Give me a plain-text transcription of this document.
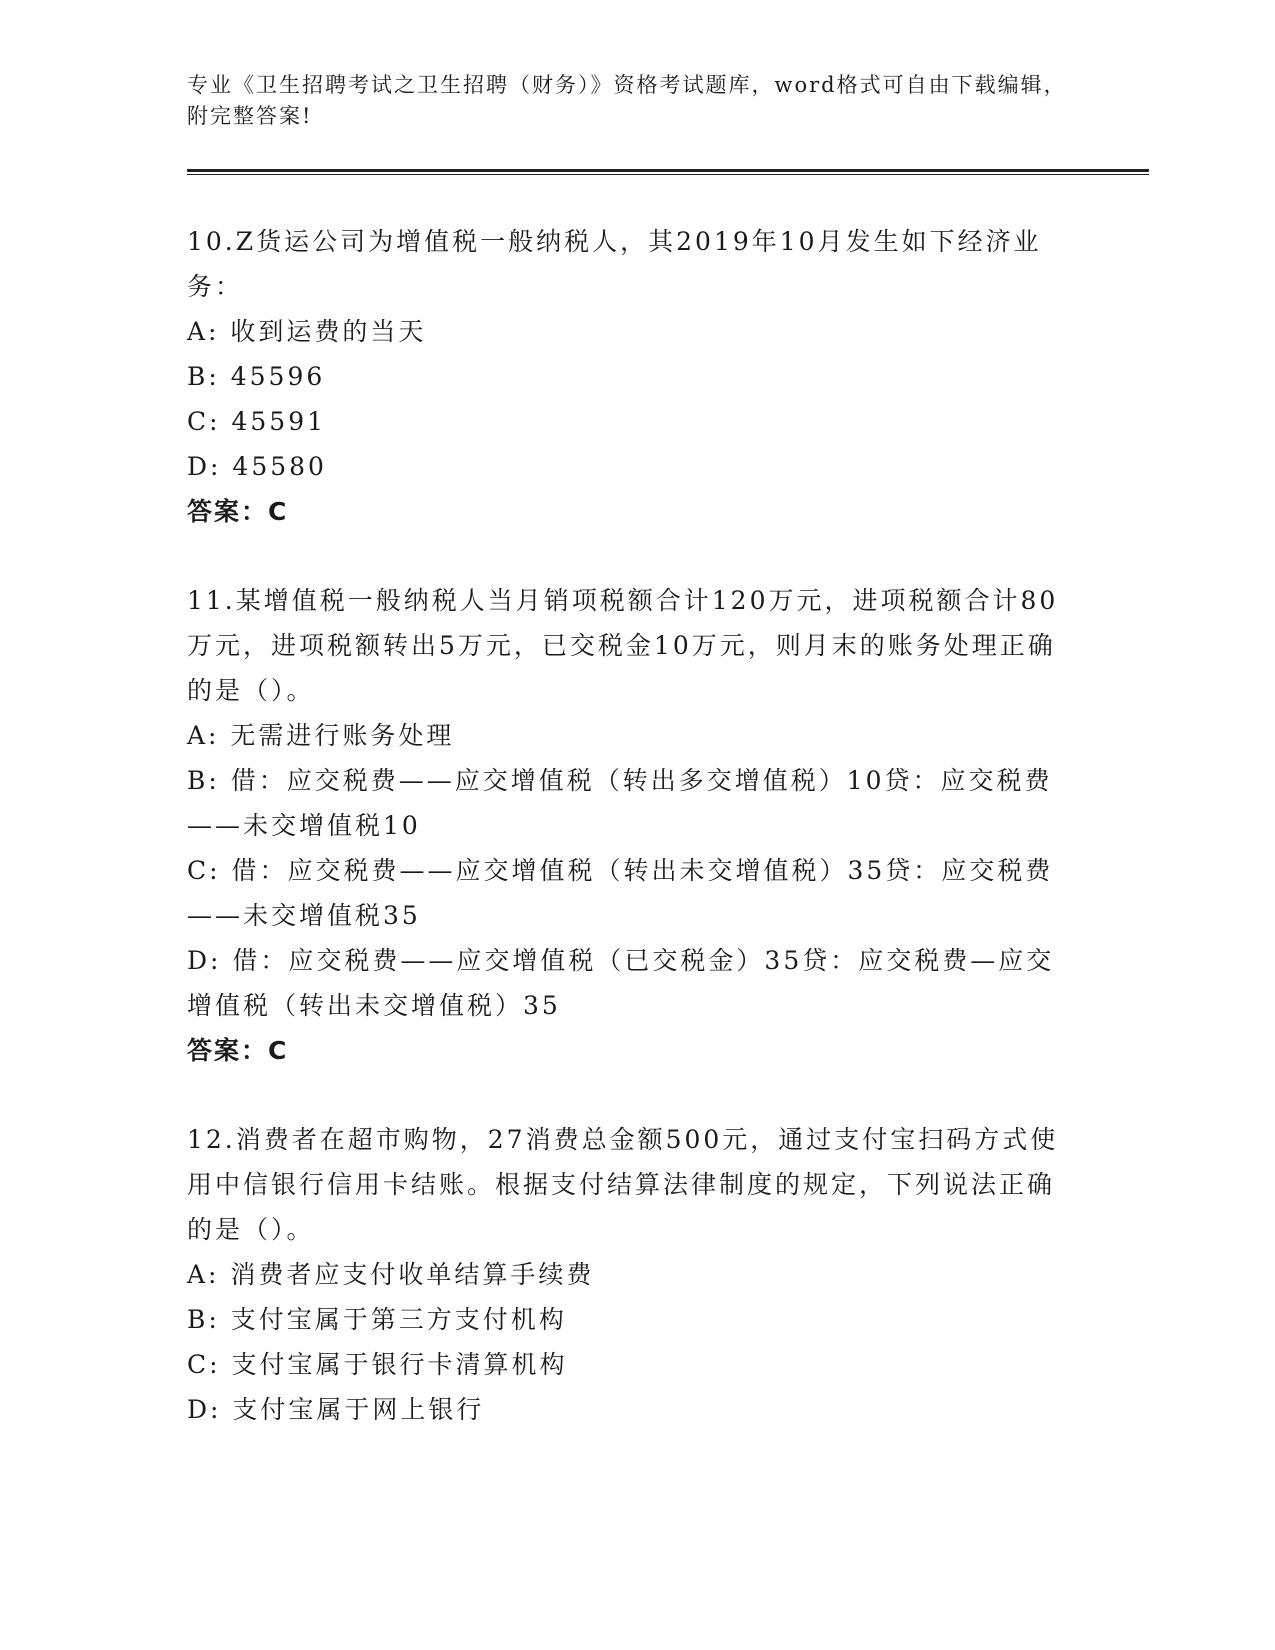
专业《卫生招聘考试之卫生招聘（财务）》资格考试题库，word格式可自由下载编辑，附完整答案!

10.Z货运公司为增值税一般纳税人，其2019年10月发生如下经济业务：

A: 收到运费的当天

B: 45596

C: 45591

D: 45580

答案：C

11.某增值税一般纳税人当月销项税额合计120万元，进项税额合计80万元，进项税额转出5万元，已交税金10万元，则月末的账务处理正确的是（）。

A: 无需进行账务处理

B: 借：应交税费——应交增值税（转出多交增值税）10贷：应交税费——未交增值税10

C: 借：应交税费——应交增值税（转出未交增值税）35贷：应交税费——未交增值税35

D: 借：应交税费——应交增值税（已交税金）35贷：应交税费—应交增值税（转出未交增值税）35

答案：C

12.消费者在超市购物，27消费总金额500元，通过支付宝扫码方式使用中信银行信用卡结账。根据支付结算法律制度的规定，下列说法正确的是（）。

A: 消费者应支付收单结算手续费

B: 支付宝属于第三方支付机构

C: 支付宝属于银行卡清算机构

D: 支付宝属于网上银行
